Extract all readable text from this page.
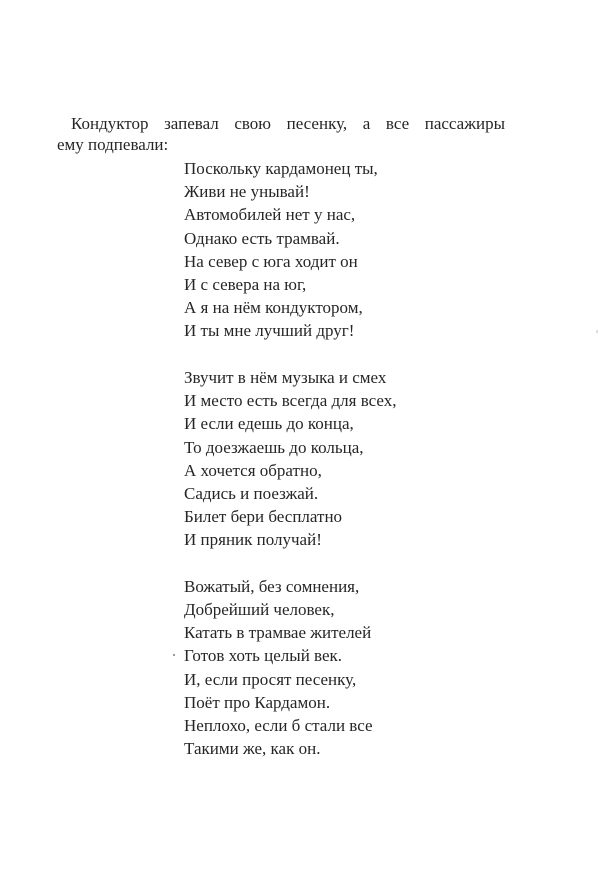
Кондуктор запевал свою песенку, а все пассажиры
ему подпевали:

Поскольку кардамонец ты,
Живи не унывай!
Автомобилей нет у нас,
Однако есть трамвай.
На север с юга ходит он
И с севера на юг,
А я на нём кондуктором,
И ты мне лучший друг!
Звучит в нём музыка и смех
И место есть всегда для всех,
И если едешь до конца,
То доезжаешь до кольца,
А хочется обратно,
Садись и поезжай.
Билет бери бесплатно
И пряник получай!
Вожатый, без сомнения,
Добрейший человек,
Катать в трамвае жителей
Готов хоть целый век.
И, если просят песенку,
Поёт про Кардамон.
Неплохо, если б стали все
Такими же, как он.
